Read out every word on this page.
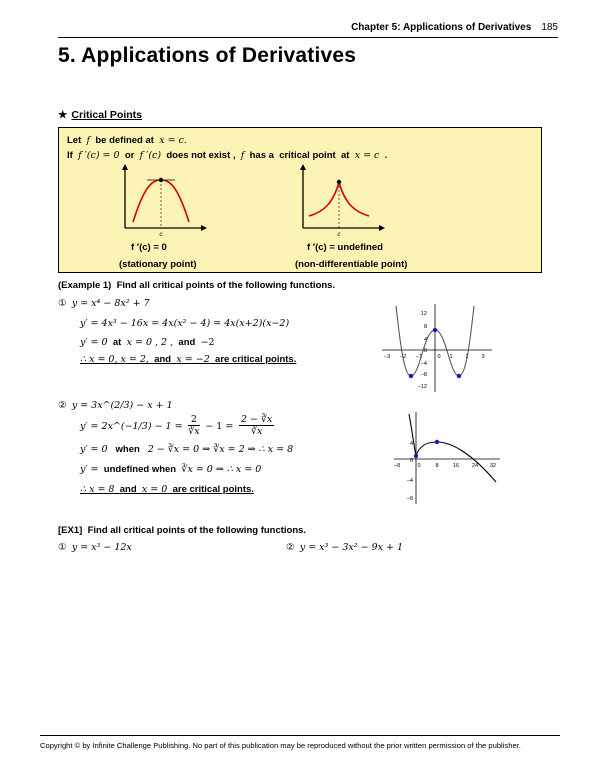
Chapter 5: Applications of Derivatives 185
5. Applications of Derivatives
★ Critical Points
Let f be defined at x = c.
If f ′(c) = 0 or f ′(c) does not exist , f has a critical point at x = c .
c	c
f ′(c) = 0
(stationary point)
f ′(c) = undefined
(non-differentiable point)
(Example 1) Find all critical points of the following functions.
① y = x⁴ − 8x² + 7
y′ = 4x³ − 16x = 4x(x² − 4) = 4x(x+2)(x−2)
y′ = 0 at x = 0 , 2 , and −2
∴ x = 0, x = 2, and x = −2 are critical points.
12
8
4
0
−4
−8
−12
−3 −2 −1	0 1 2 3
② y = 3x^(2/3) − x + 1
y′ = 2x^(−1/3) − $1 = \frac{2}{∛x} - 1 = \frac{2 - ∛x}{∛x}$
y′ = 0 when 2 − ∛x = 0 ⇒ ∛x = 2 ⇒ ∴ x = 8
y′ = undefined when ∛x = 0 ⇒ ∴ x = 0
∴ x = 8 and x = 0 are critical points.
4
0
−4
−8
−8	0	8	16 24 32
[EX1] Find all critical points of the following functions.
① y = x³ − 12x	② y = x³ − 3x² − 9x + 1
Copyright © by Infinite Challenge Publishing. No part of this publication may be reproduced without the prior written permission of the publisher.
